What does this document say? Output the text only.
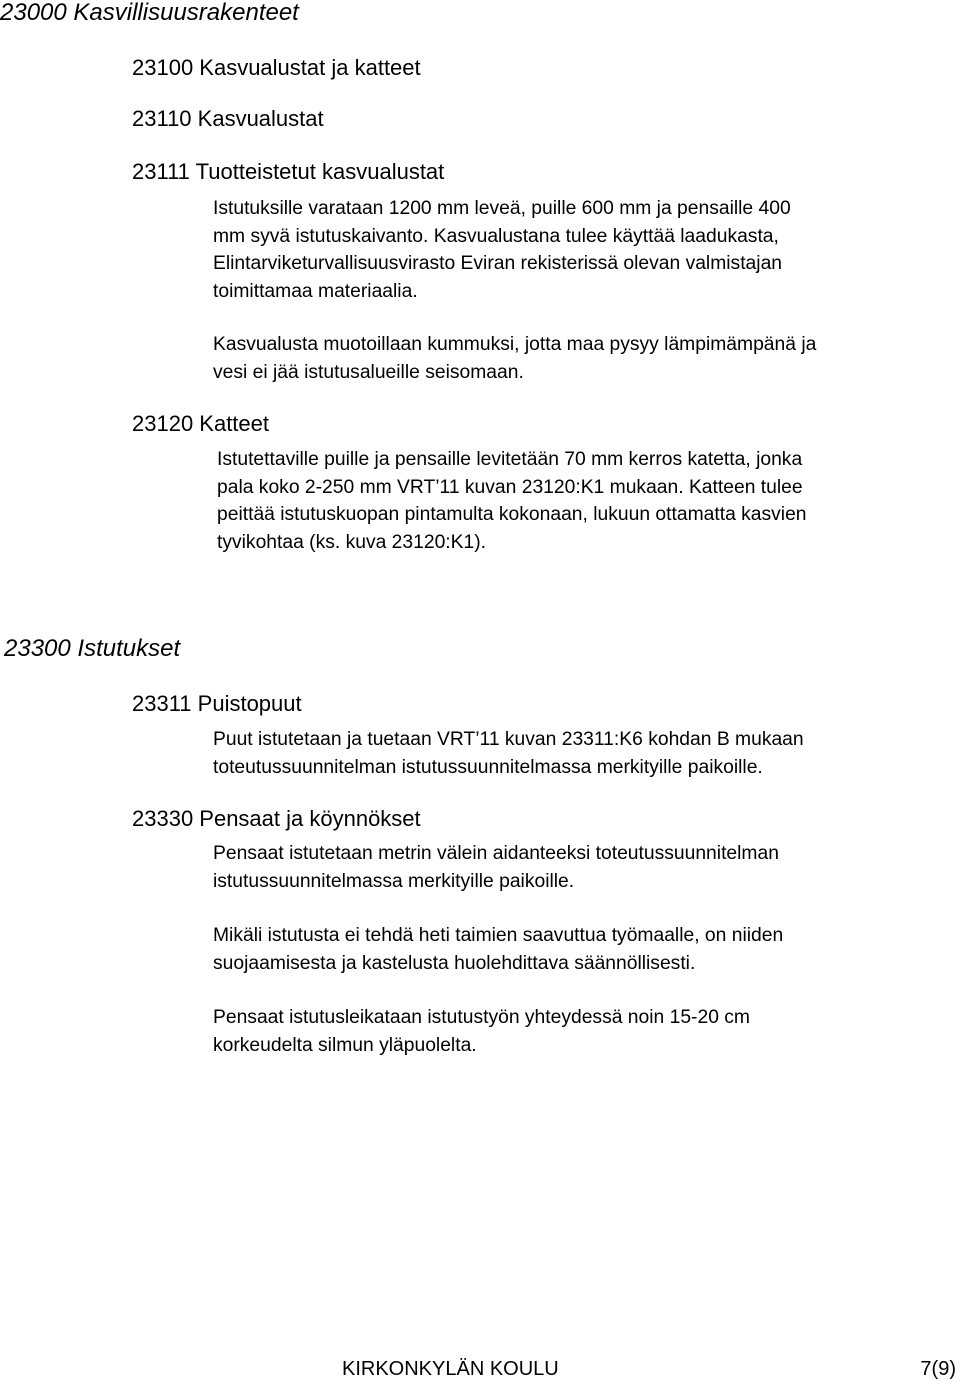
23000 Kasvillisuusrakenteet
23100 Kasvualustat ja katteet
23110 Kasvualustat
23111 Tuotteistetut kasvualustat
Istutuksille varataan 1200 mm leveä, puille 600 mm ja pensaille 400
mm syvä istutuskaivanto. Kasvualustana tulee käyttää laadukasta,
Elintarviketurvallisuusvirasto Eviran rekisterissä olevan valmistajan
toimittamaa materiaalia.
Kasvualusta muotoillaan kummuksi, jotta maa pysyy lämpimämpänä ja
vesi ei jää istutusalueille seisomaan.
23120 Katteet
Istutettaville puille ja pensaille levitetään 70 mm kerros katetta, jonka
pala koko 2-250 mm VRT’11 kuvan 23120:K1 mukaan. Katteen tulee
peittää istutuskuopan pintamulta kokonaan, lukuun ottamatta kasvien
tyvikohtaa (ks. kuva 23120:K1).
23300 Istutukset
23311 Puistopuut
Puut istutetaan ja tuetaan VRT’11 kuvan 23311:K6 kohdan B mukaan
toteutussuunnitelman istutussuunnitelmassa merkityille paikoille.
23330 Pensaat ja köynnökset
Pensaat istutetaan metrin välein aidanteeksi toteutussuunnitelman
istutussuunnitelmassa merkityille paikoille.
Mikäli istutusta ei tehdä heti taimien saavuttua työmaalle, on niiden
suojaamisesta ja kastelusta huolehdittava säännöllisesti.
Pensaat istutusleikataan istutustyön yhteydessä noin 15-20 cm
korkeudelta silmun yläpuolelta.
KIRKONKYLÄN KOULU	7(9)
